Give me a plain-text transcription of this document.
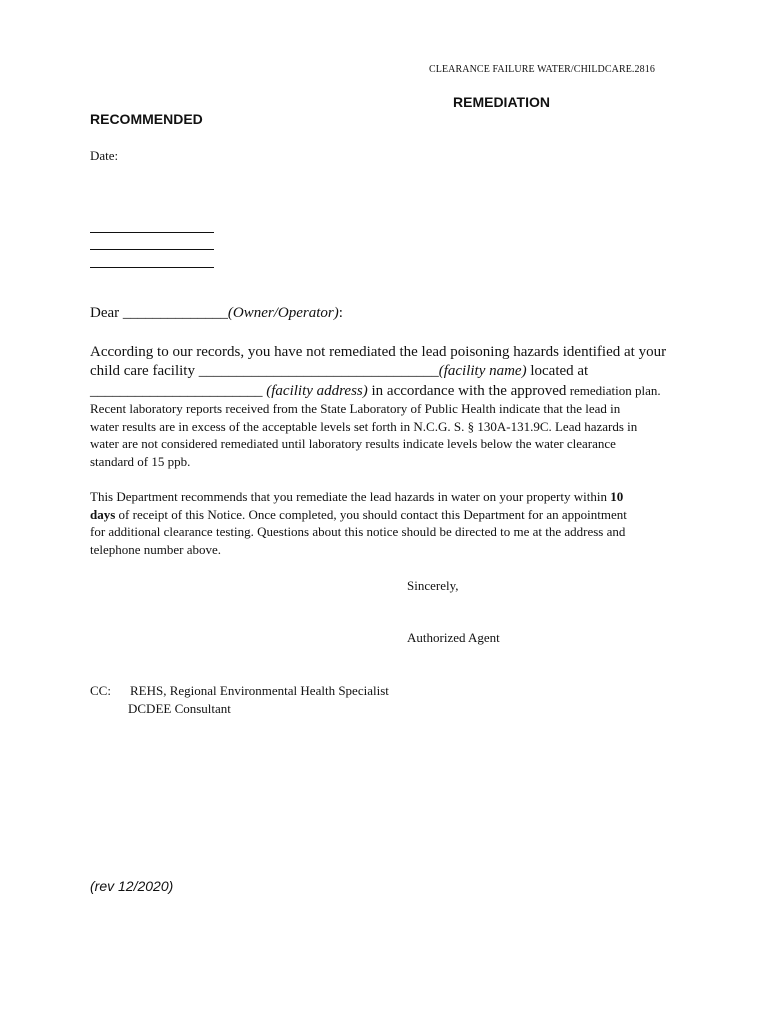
CLEARANCE FAILURE WATER/CHILDCARE.2816
REMEDIATION
RECOMMENDED
Date:
Dear ______________(Owner/Operator):
According to our records, you have not remediated the lead poisoning hazards identified at your
child care facility ________________________________(facility name) located at
_______________________ (facility address) in accordance with the approved remediation plan.
Recent laboratory reports received from the State Laboratory of Public Health indicate that the lead in
water results are in excess of the acceptable levels set forth in N.C.G. S. § 130A-131.9C. Lead hazards in
water are not considered remediated until laboratory results indicate levels below the water clearance
standard of 15 ppb.
This Department recommends that you remediate the lead hazards in water on your property within 10
days of receipt of this Notice. Once completed, you should contact this Department for an appointment
for additional clearance testing. Questions about this notice should be directed to me at the address and
telephone number above.
Sincerely,
Authorized Agent
CC: REHS, Regional Environmental Health Specialist
DCDEE Consultant
(rev 12/2020)
